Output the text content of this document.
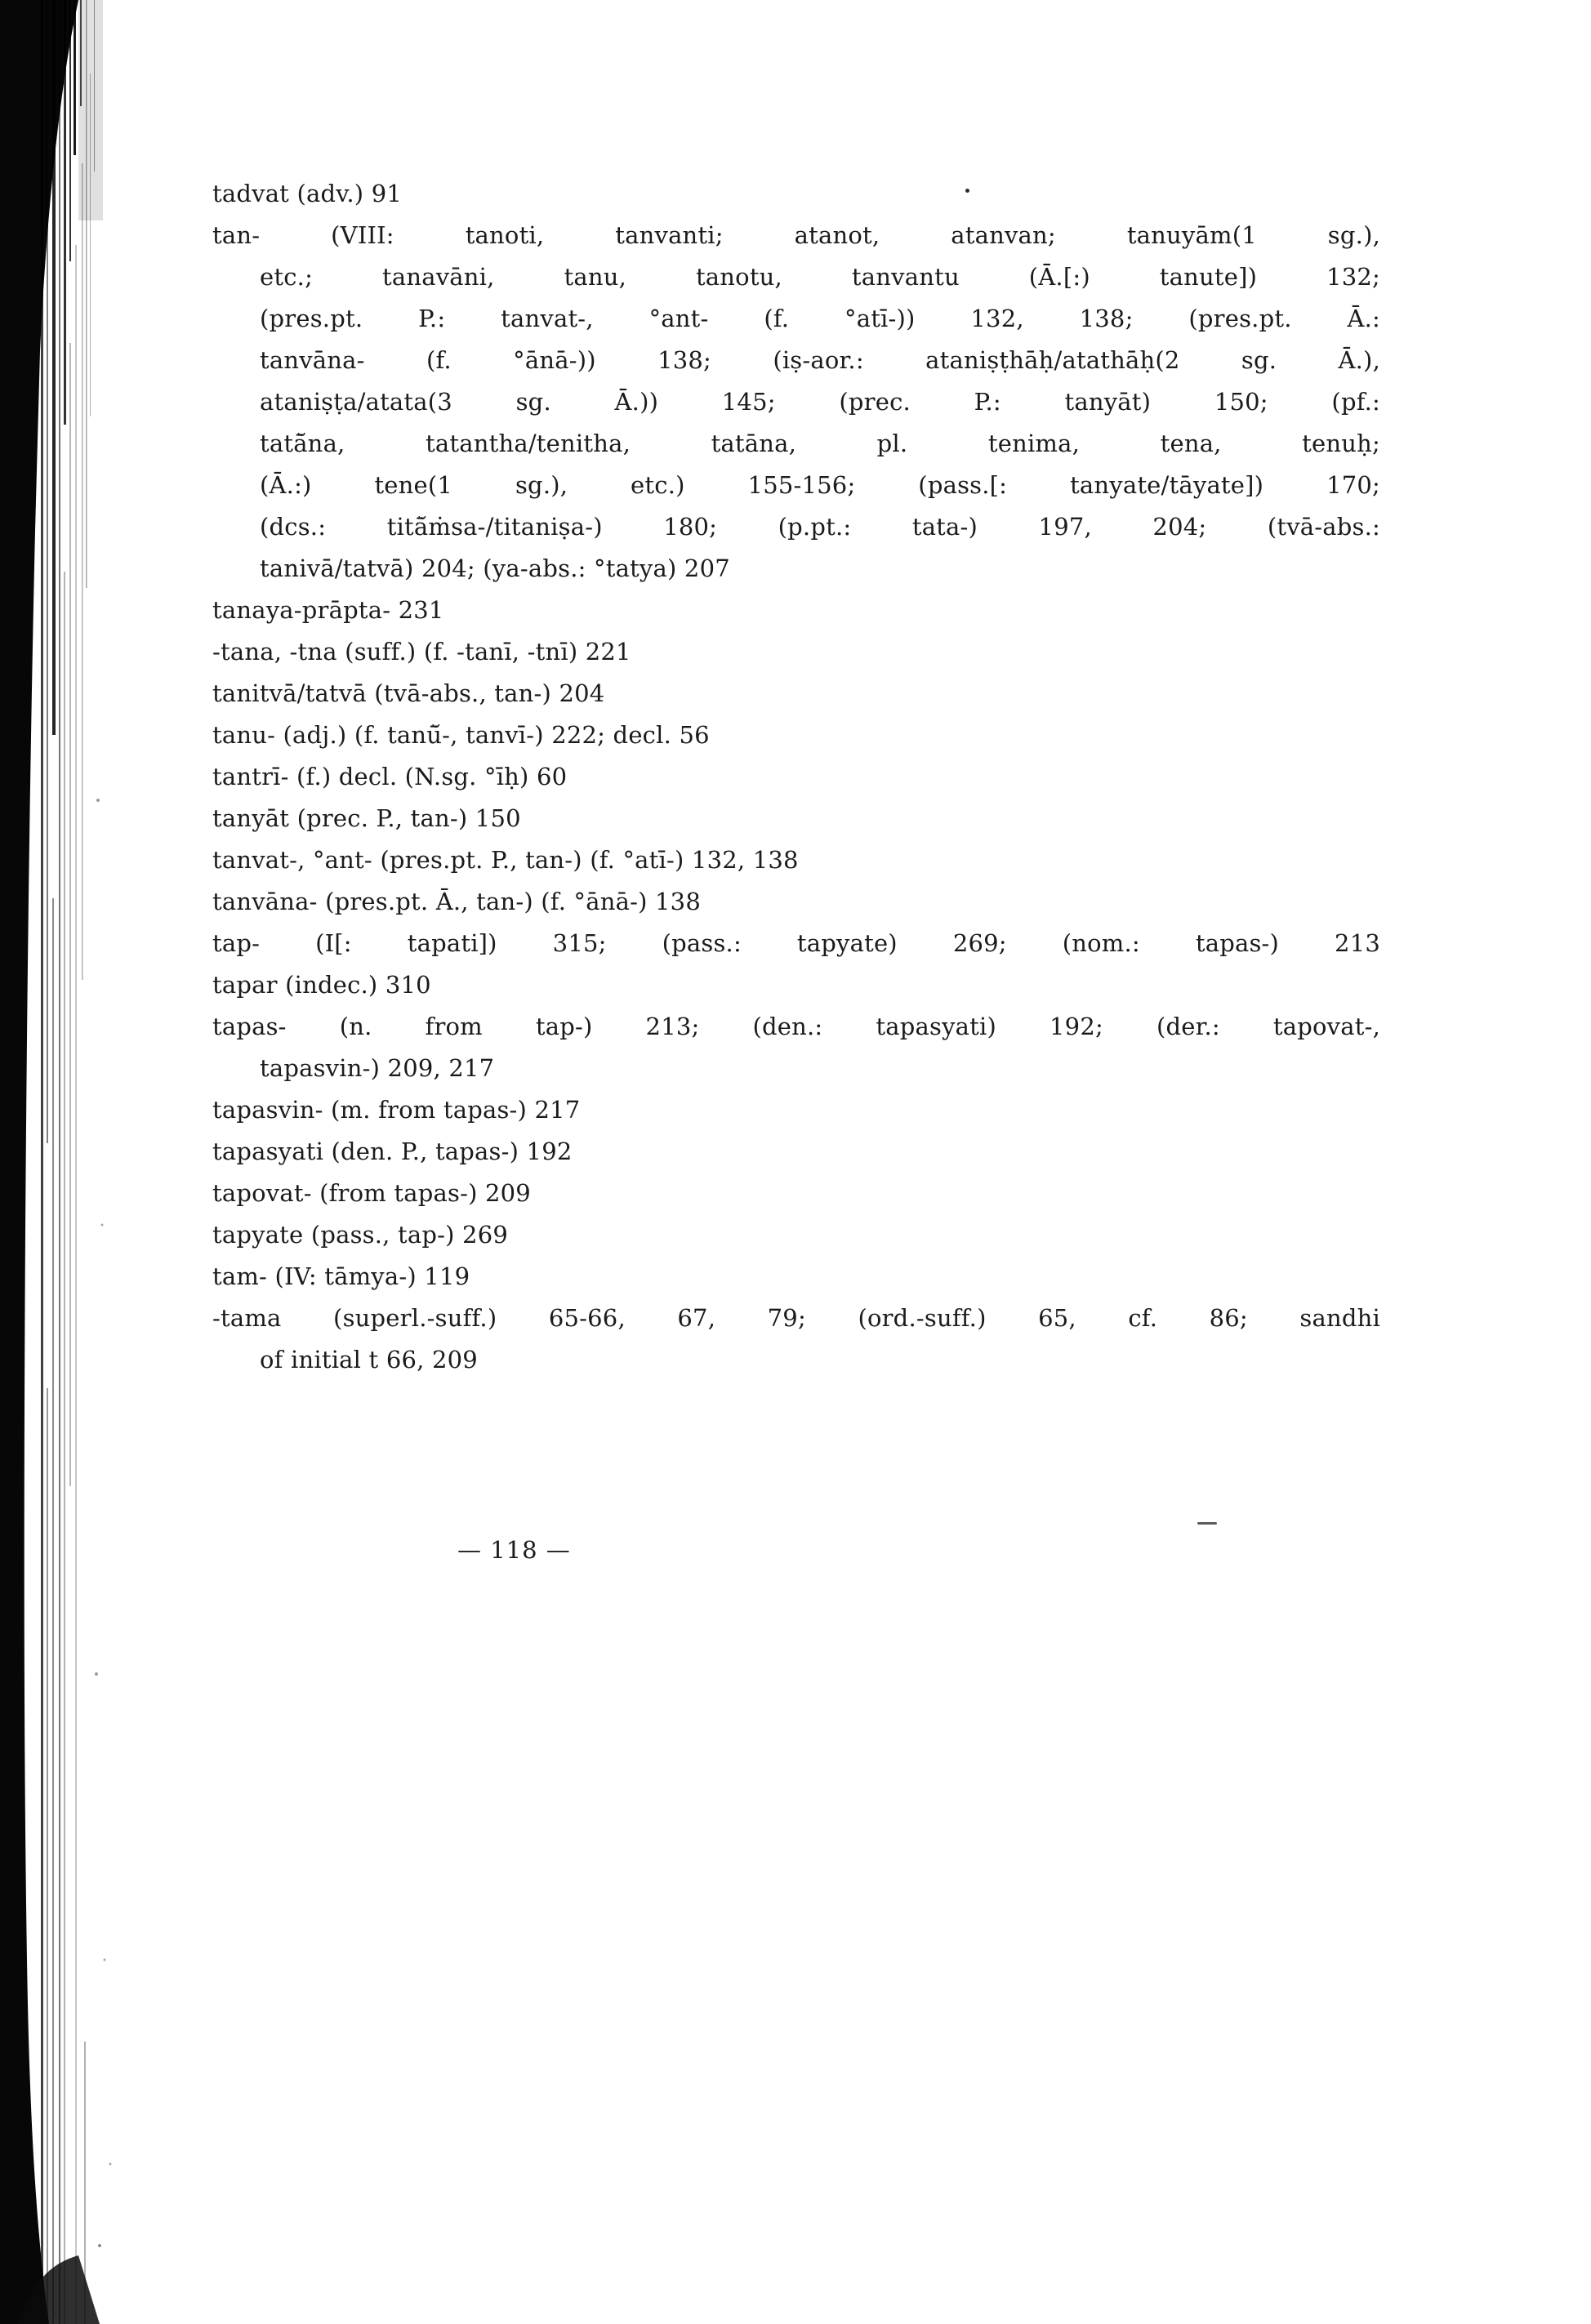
tadvat (adv.) 91
tan- (VIII: tanoti, tanvanti; atanot, atanvan; tanuyām(1 sg.),
etc.; tanavāni, tanu, tanotu, tanvantu (Ā.[:) tanute]) 132;
(pres.pt. P.: tanvat-, °ant- (f. °atī-)) 132, 138; (pres.pt. Ā.:
tanvāna- (f. °ānā-)) 138; (iṣ-aor.: ataniṣṭhāḥ/atathāḥ(2 sg. Ā.),
ataniṣṭa/atata(3 sg. Ā.)) 145; (prec. P.: tanyāt) 150; (pf.:
tatā̆na, tatantha/tenitha, tatāna, pl. tenima, tena, tenuḥ;
(Ā.:) tene(1 sg.), etc.) 155-156; (pass.[: tanyate/tāyate]) 170;
(dcs.: titā̆ṁsa-/titaniṣa-) 180; (p.pt.: tata-) 197, 204; (tvā-abs.:
tanivā/tatvā) 204; (ya-abs.: °tatya) 207
tanaya-prāpta- 231
-tana, -tna (suff.) (f. -tanī, -tnī) 221
tanitvā/tatvā (tvā-abs., tan-) 204
tanu- (adj.) (f. tanū̆-, tanvī-) 222; decl. 56
tantrī- (f.) decl. (N.sg. °īḥ) 60
tanyāt (prec. P., tan-) 150
tanvat-, °ant- (pres.pt. P., tan-) (f. °atī-) 132, 138
tanvāna- (pres.pt. Ā., tan-) (f. °ānā-) 138
tap- (I[: tapati]) 315; (pass.: tapyate) 269; (nom.: tapas-) 213
tapar (indec.) 310
tapas- (n. from tap-) 213; (den.: tapasyati) 192; (der.: tapovat-,
tapasvin-) 209, 217
tapasvin- (m. from tapas-) 217
tapasyati (den. P., tapas-) 192
tapovat- (from tapas-) 209
tapyate (pass., tap-) 269
tam- (IV: tāmya-) 119
-tama (superl.-suff.) 65-66, 67, 79; (ord.-suff.) 65, cf. 86; sandhi
of initial t 66, 209
— 118 —
